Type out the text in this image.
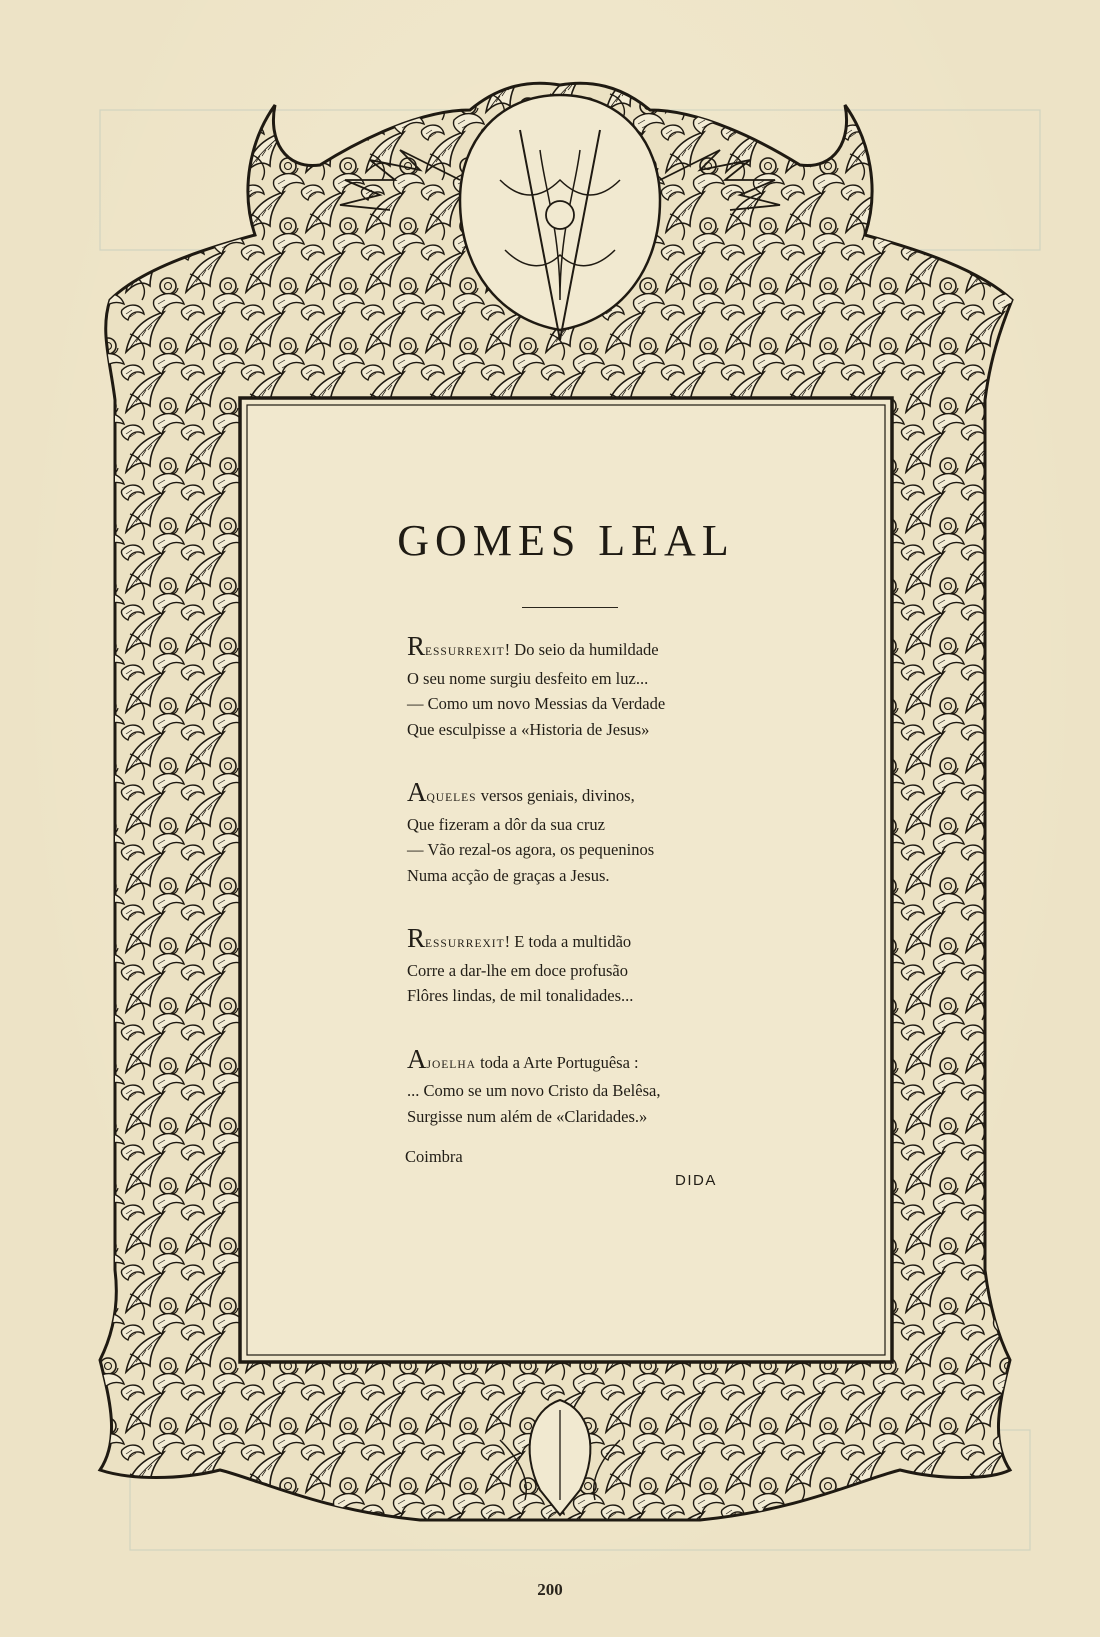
GOMES LEAL
RESSURREXIT! Do seio da humildade
O seu nome surgiu desfeito em luz...
— Como um novo Messias da Verdade
Que esculpisse a «Historia de Jesus»
AQUELES versos geniais, divinos,
Que fizeram a dôr da sua cruz
— Vão rezal-os agora, os pequeninos
Numa acção de graças a Jesus.
RESSURREXIT! E toda a multidão
Corre a dar-lhe em doce profusão
Flôres lindas, de mil tonalidades...
AJOELHA toda a Arte Portuguêsa :
... Como se um novo Cristo da Belêsa,
Surgisse num além de «Claridades.»
Coimbra
DIDA
200
